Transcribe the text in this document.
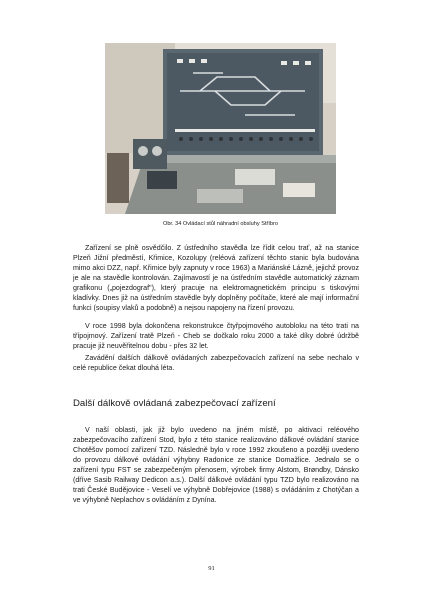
Obr. 34 Ovládací stůl náhradní obsluhy Stříbro

Zařízení se plně osvědčilo. Z ústředního stavědla lze řídit celou trať, až na stanice Plzeň Jižní předměstí, Křimice, Kozolupy (reléová zařízení těchto stanic byla budována mimo akci DZZ, např. Křimice byly zapnuty v roce 1963) a Mariánské Lázně, jejichž provoz je ale na stavědle kontrolován. Zajímavostí je na ústředním stavědle automatický záznam grafikonu („pojezdograf"), který pracuje na elektromagnetickém principu s tiskovými kladívky. Dnes již na ústředním stavědle byly doplněny počítače, které ale mají informační funkci (soupisy vlaků a podobně) a nejsou napojeny na řízení provozu.

V roce 1998 byla dokončena rekonstrukce čtyřpojmového autobloku na této trati na třípojmový. Zařízení tratě Plzeň - Cheb se dočkalo roku 2000 a také díky dobré údržbě pracuje již neuvěřitelnou dobu - přes 32 let.

Zavádění dalších dálkově ovládaných zabezpečovacích zařízení na sebe nechalo v celé republice čekat dlouhá léta.

Další dálkově ovládaná zabezpečovací zařízení

V naší oblasti, jak již bylo uvedeno na jiném místě, po aktivaci reléového zabezpečovacího zařízení Stod, bylo z této stanice realizováno dálkové ovládání stanice Chotěšov pomocí zařízení TZD. Následně bylo v roce 1992 zkoušeno a později uvedeno do provozu dálkové ovládání výhybny Radonice ze stanice Domažlice. Jednalo se o zařízení typu FST se zabezpečeným přenosem, výrobek firmy Alstom, Brøndby, Dánsko (dříve Sasib Railway Dedicon a.s.). Další dálkové ovládání typu TZD bylo realizováno na trati České Budějovice - Veselí ve výhybně Dobřejovice (1988) s ovládáním z Chotýčan a ve výhybně Neplachov s ovládáním z Dynína.

91
